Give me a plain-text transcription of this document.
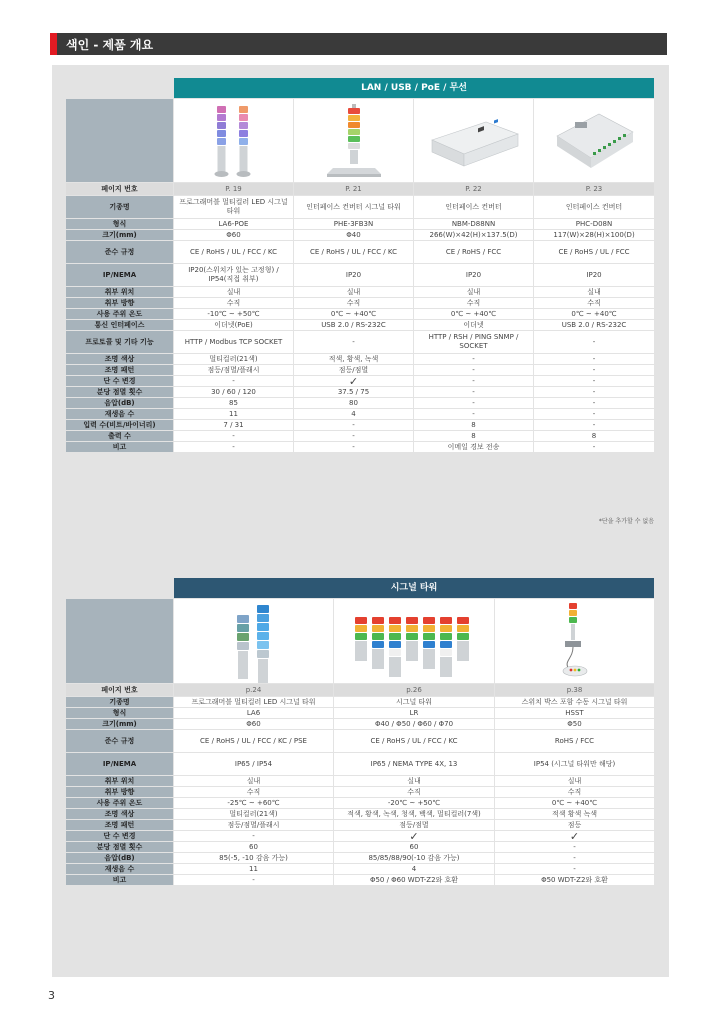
색인 - 제품 개요
	LAN / USB / PoE / 무선			

페이지 번호	P. 19	P. 21	P. 22	P. 23
기종명	프로그래머블 멀티컬러 LED 시그널 타워	인터페이스 컨버터 시그널 타워	인터페이스 컨버터	인터페이스 컨버터
형식	LA6-POE	PHE-3FB3N	NBM-D88NN	PHC-D08N
크기(mm)	Φ60	Φ40	266(W)×42(H)×137.5(D)	117(W)×28(H)×100(D)
준수 규정	CE / RoHS / UL / FCC / KC	CE / RoHS / UL / FCC / KC	CE / RoHS / FCC	CE / RoHS / UL / FCC
IP/NEMA	IP20(스위치가 있는 고정형) / IP54(직접 취부)	IP20	IP20	IP20
취부 위치	실내	실내	실내	실내
취부 방향	수직	수직	수직	수직
사용 주위 온도	-10℃ ~ +50℃	0℃ ~ +40℃	0℃ ~ +40℃	0℃ ~ +40℃
통신 인터페이스	이더넷(PoE)	USB 2.0 / RS-232C	이더넷	USB 2.0 / RS-232C
프로토콜 및 기타 기능	HTTP / Modbus TCP SOCKET	-	HTTP / RSH / PING SNMP / SOCKET	-
조명 색상	멀티컬러(21색)	적색, 황색, 녹색	-	-
조명 패턴	점등/점멸/플래시	점등/점멸	-	-
단 수 변경	-	✓	-	-
분당 점멸 횟수	30 / 60 / 120	37.5 / 75	-	-
음압(dB)	85	80	-	-
재생음 수	11	4	-	-
입력 수(비트/바이너리)	7 / 31	-	8	-
출력 수	-	-	8	8
비고	-	-	이메일 경보 전송	-
*단을 추가할 수 없음
	시그널 타워		

페이지 번호	p.24	p.26	p.38
기종명	프로그래머블 멀티컬러 LED 시그널 타워	시그널 타워	스위치 박스 포함 수동 시그널 타워
형식	LA6	LR	HSST
크기(mm)	Φ60	Φ40 / Φ50 / Φ60 / Φ70	Φ50
준수 규정	CE / RoHS / UL / FCC / KC / PSE	CE / RoHS / UL / FCC / KC	RoHS / FCC
IP/NEMA	IP65 / IP54	IP65 / NEMA TYPE 4X, 13	IP54 (시그널 타워만 해당)
취부 위치	실내	실내	실내
취부 방향	수직	수직	수직
사용 주위 온도	-25℃ ~ +60℃	-20℃ ~ +50℃	0℃ ~ +40℃
조명 색상	멀티컬러(21색)	적색, 황색, 녹색, 청색, 백색, 멀티컬러(7색)	적색 황색 녹색
조명 패턴	점등/점멸/플래시	점등/점멸	점등
단 수 변경	-	✓	✓
분당 점멸 횟수	60	60	-
음압(dB)	85(-5, -10 감음 가능)	85/85/88/90(-10 감음 가능)	-
재생음 수	11	4	-
비고	-	Φ50 / Φ60 WDT-Z2와 호환	Φ50 WDT-Z2와 호환
3
